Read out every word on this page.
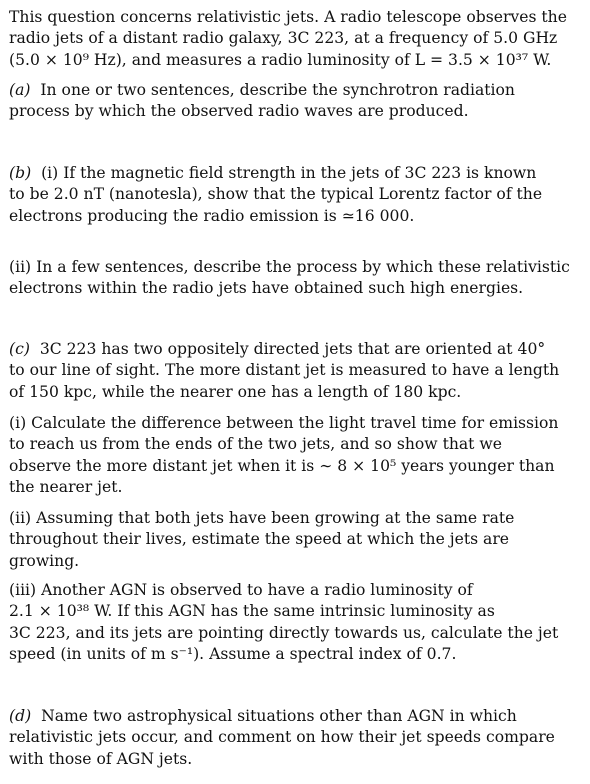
This question concerns relativistic jets. A radio telescope observes the
radio jets of a distant radio galaxy, 3C 223, at a frequency of 5.0 GHz
(5.0 × 10⁹ Hz), and measures a radio luminosity of L = 3.5 × 10³⁷ W.
(a) In one or two sentences, describe the synchrotron radiation
process by which the observed radio waves are produced.
(b) (i) If the magnetic field strength in the jets of 3C 223 is known
to be 2.0 nT (nanotesla), show that the typical Lorentz factor of the
electrons producing the radio emission is ≃16 000.
(ii) In a few sentences, describe the process by which these relativistic
electrons within the radio jets have obtained such high energies.
(c) 3C 223 has two oppositely directed jets that are oriented at 40°
to our line of sight. The more distant jet is measured to have a length
of 150 kpc, while the nearer one has a length of 180 kpc.
(i) Calculate the difference between the light travel time for emission
to reach us from the ends of the two jets, and so show that we
observe the more distant jet when it is ∼ 8 × 10⁵ years younger than
the nearer jet.
(ii) Assuming that both jets have been growing at the same rate
throughout their lives, estimate the speed at which the jets are
growing.
(iii) Another AGN is observed to have a radio luminosity of
2.1 × 10³⁸ W. If this AGN has the same intrinsic luminosity as
3C 223, and its jets are pointing directly towards us, calculate the jet
speed (in units of m s⁻¹). Assume a spectral index of 0.7.
(d) Name two astrophysical situations other than AGN in which
relativistic jets occur, and comment on how their jet speeds compare
with those of AGN jets.
